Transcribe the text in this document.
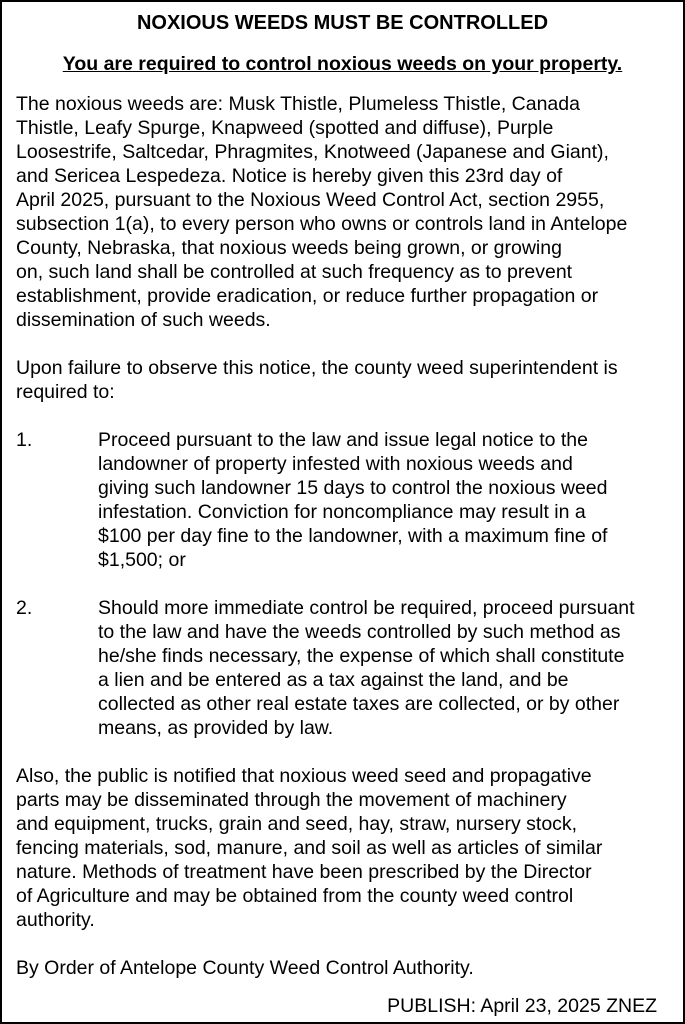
NOXIOUS WEEDS MUST BE CONTROLLED
You are required to control noxious weeds on your property.
The noxious weeds are: Musk Thistle, Plumeless Thistle, Canada
Thistle, Leafy Spurge, Knapweed (spotted and diffuse), Purple
Loosestrife, Saltcedar, Phragmites, Knotweed (Japanese and Giant),
and Sericea Lespedeza. Notice is hereby given this 23rd day of
April 2025, pursuant to the Noxious Weed Control Act, section 2955,
subsection 1(a), to every person who owns or controls land in Antelope
County, Nebraska, that noxious weeds being grown, or growing
on, such land shall be controlled at such frequency as to prevent
establishment, provide eradication, or reduce further propagation or
dissemination of such weeds.
Upon failure to observe this notice, the county weed superintendent is
required to:
1.	Proceed pursuant to the law and issue legal notice to the
landowner of property infested with noxious weeds and
giving such landowner 15 days to control the noxious weed
infestation. Conviction for noncompliance may result in a
$100 per day fine to the landowner, with a maximum fine of
$1,500; or
2.	Should more immediate control be required, proceed pursuant
to the law and have the weeds controlled by such method as
he/she finds necessary, the expense of which shall constitute
a lien and be entered as a tax against the land, and be
collected as other real estate taxes are collected, or by other
means, as provided by law.
Also, the public is notified that noxious weed seed and propagative
parts may be disseminated through the movement of machinery
and equipment, trucks, grain and seed, hay, straw, nursery stock,
fencing materials, sod, manure, and soil as well as articles of similar
nature. Methods of treatment have been prescribed by the Director
of Agriculture and may be obtained from the county weed control
authority.
By Order of Antelope County Weed Control Authority.
PUBLISH: April 23, 2025 ZNEZ
